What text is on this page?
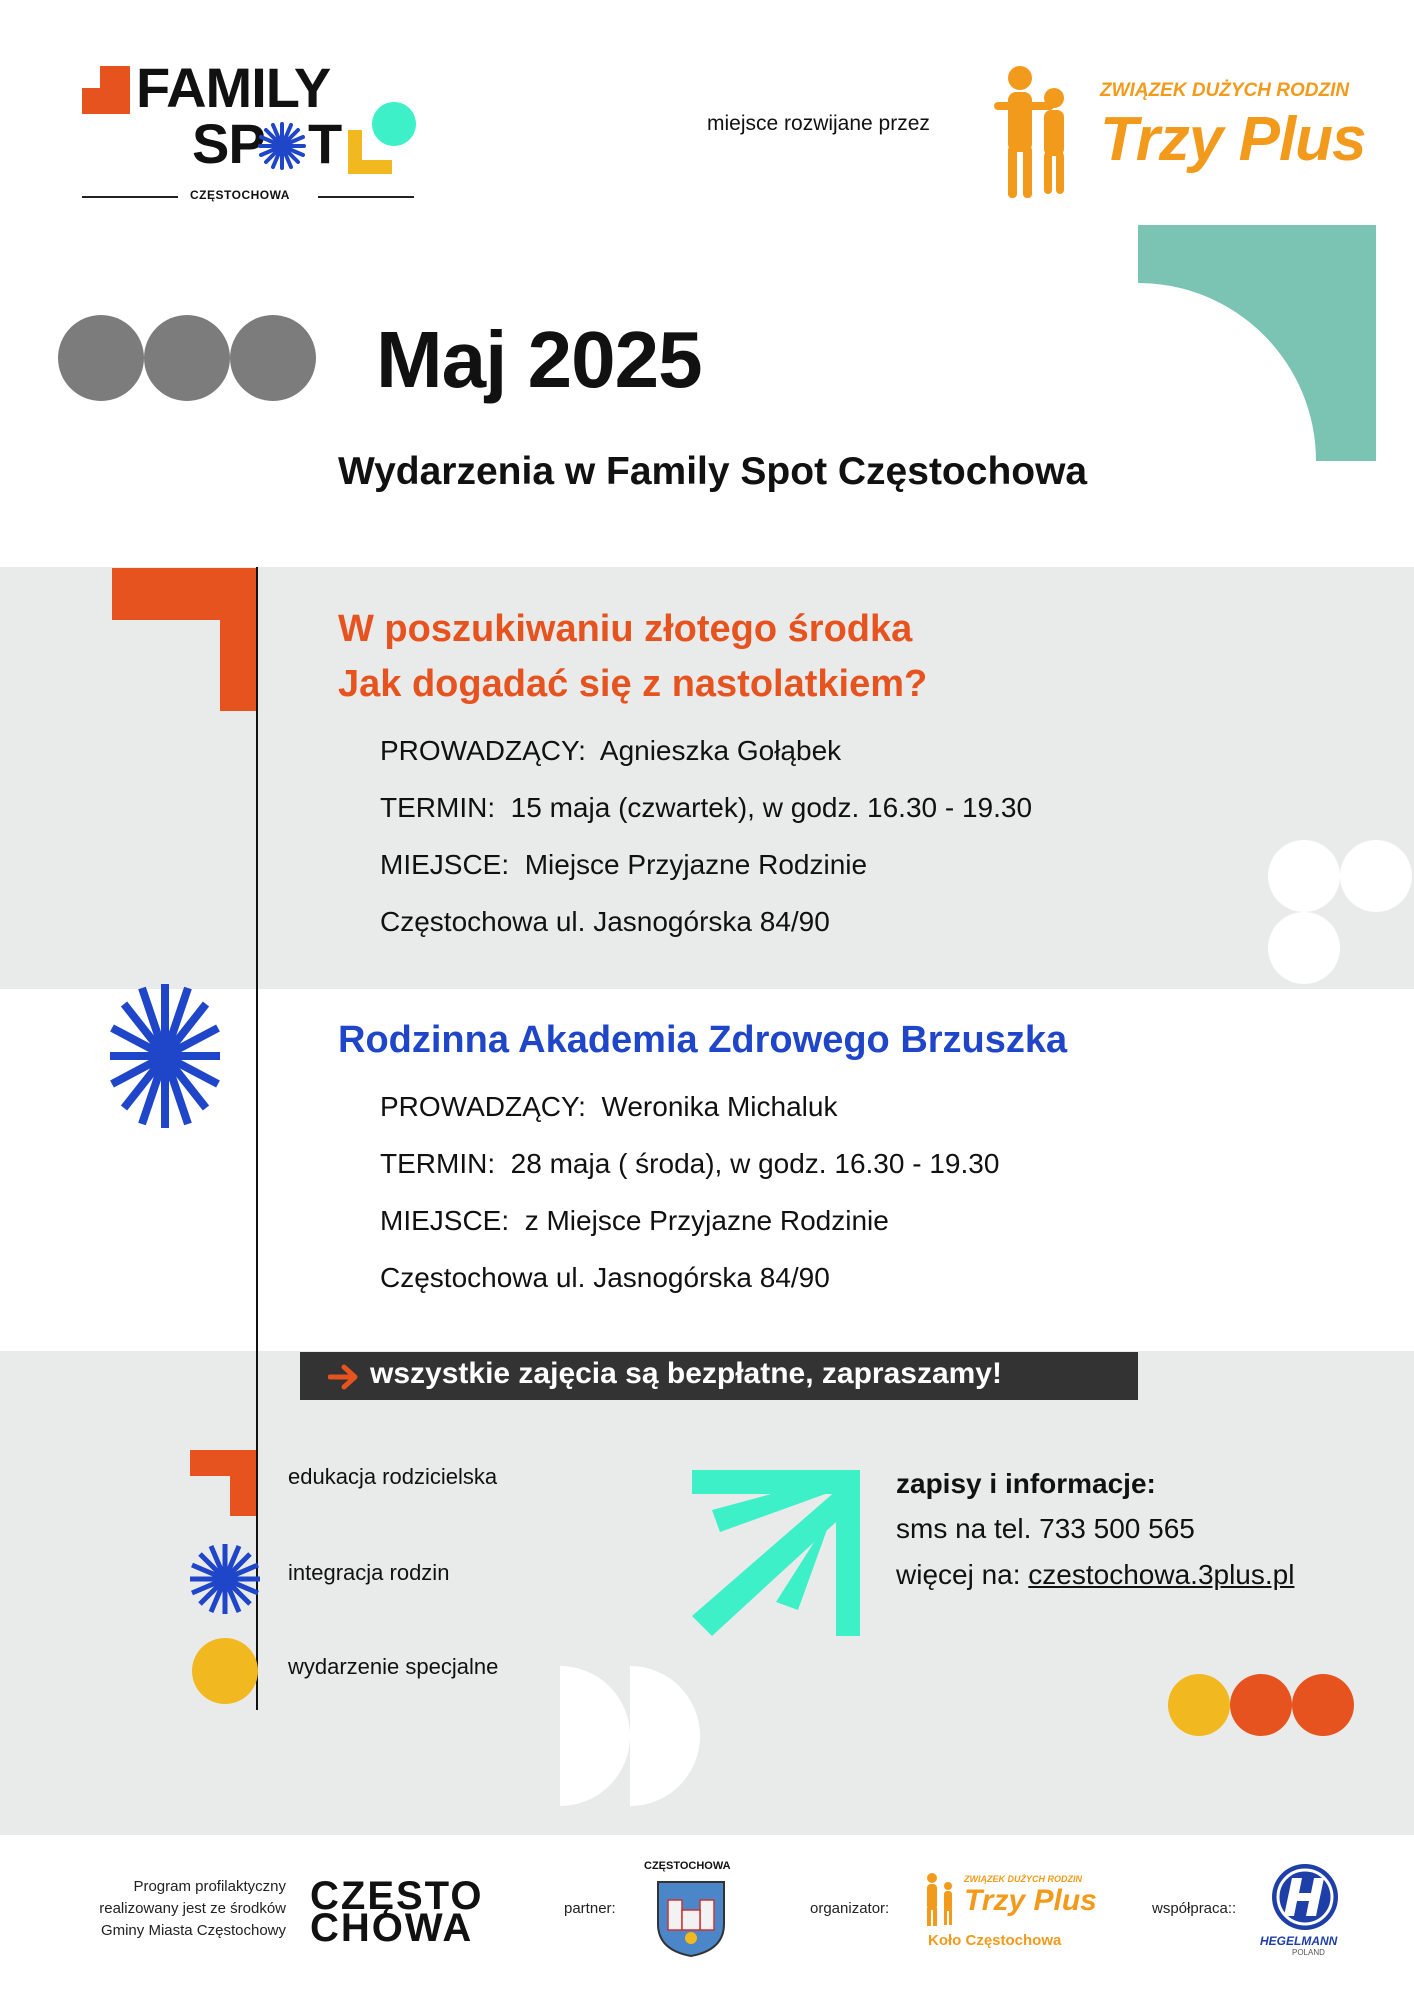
FAMILY
SP T
CZĘSTOCHOWA
miejsce rozwijane przez
ZWIĄZEK DUŻYCH RODZIN
Trzy Plus
Maj 2025
Wydarzenia w Family Spot Częstochowa
W poszukiwaniu złotego środka
Jak dogadać się z nastolatkiem?
PROWADZĄCY: Agnieszka Gołąbek
TERMIN: 15 maja (czwartek), w godz. 16.30 - 19.30
MIEJSCE: Miejsce Przyjazne Rodzinie
Częstochowa ul. Jasnogórska 84/90
Rodzinna Akademia Zdrowego Brzuszka
PROWADZĄCY: Weronika Michaluk
TERMIN: 28 maja ( środa), w godz. 16.30 - 19.30
MIEJSCE: z Miejsce Przyjazne Rodzinie
Częstochowa ul. Jasnogórska 84/90
wszystkie zajęcia są bezpłatne, zapraszamy!
edukacja rodzicielska
integracja rodzin
wydarzenie specjalne
zapisy i informacje:
sms na tel. 733 500 565
więcej na: czestochowa.3plus.pl
Program profilaktyczny
realizowany jest ze środków
Gminy Miasta Częstochowy
CZĘSTO
CHOWA	partner:
CZĘSTOCHOWA
organizator:
ZWIĄZEK DUŻYCH RODZIN
Trzy Plus
Koło Częstochowa
współpraca::
HEGELMANN
POLAND
